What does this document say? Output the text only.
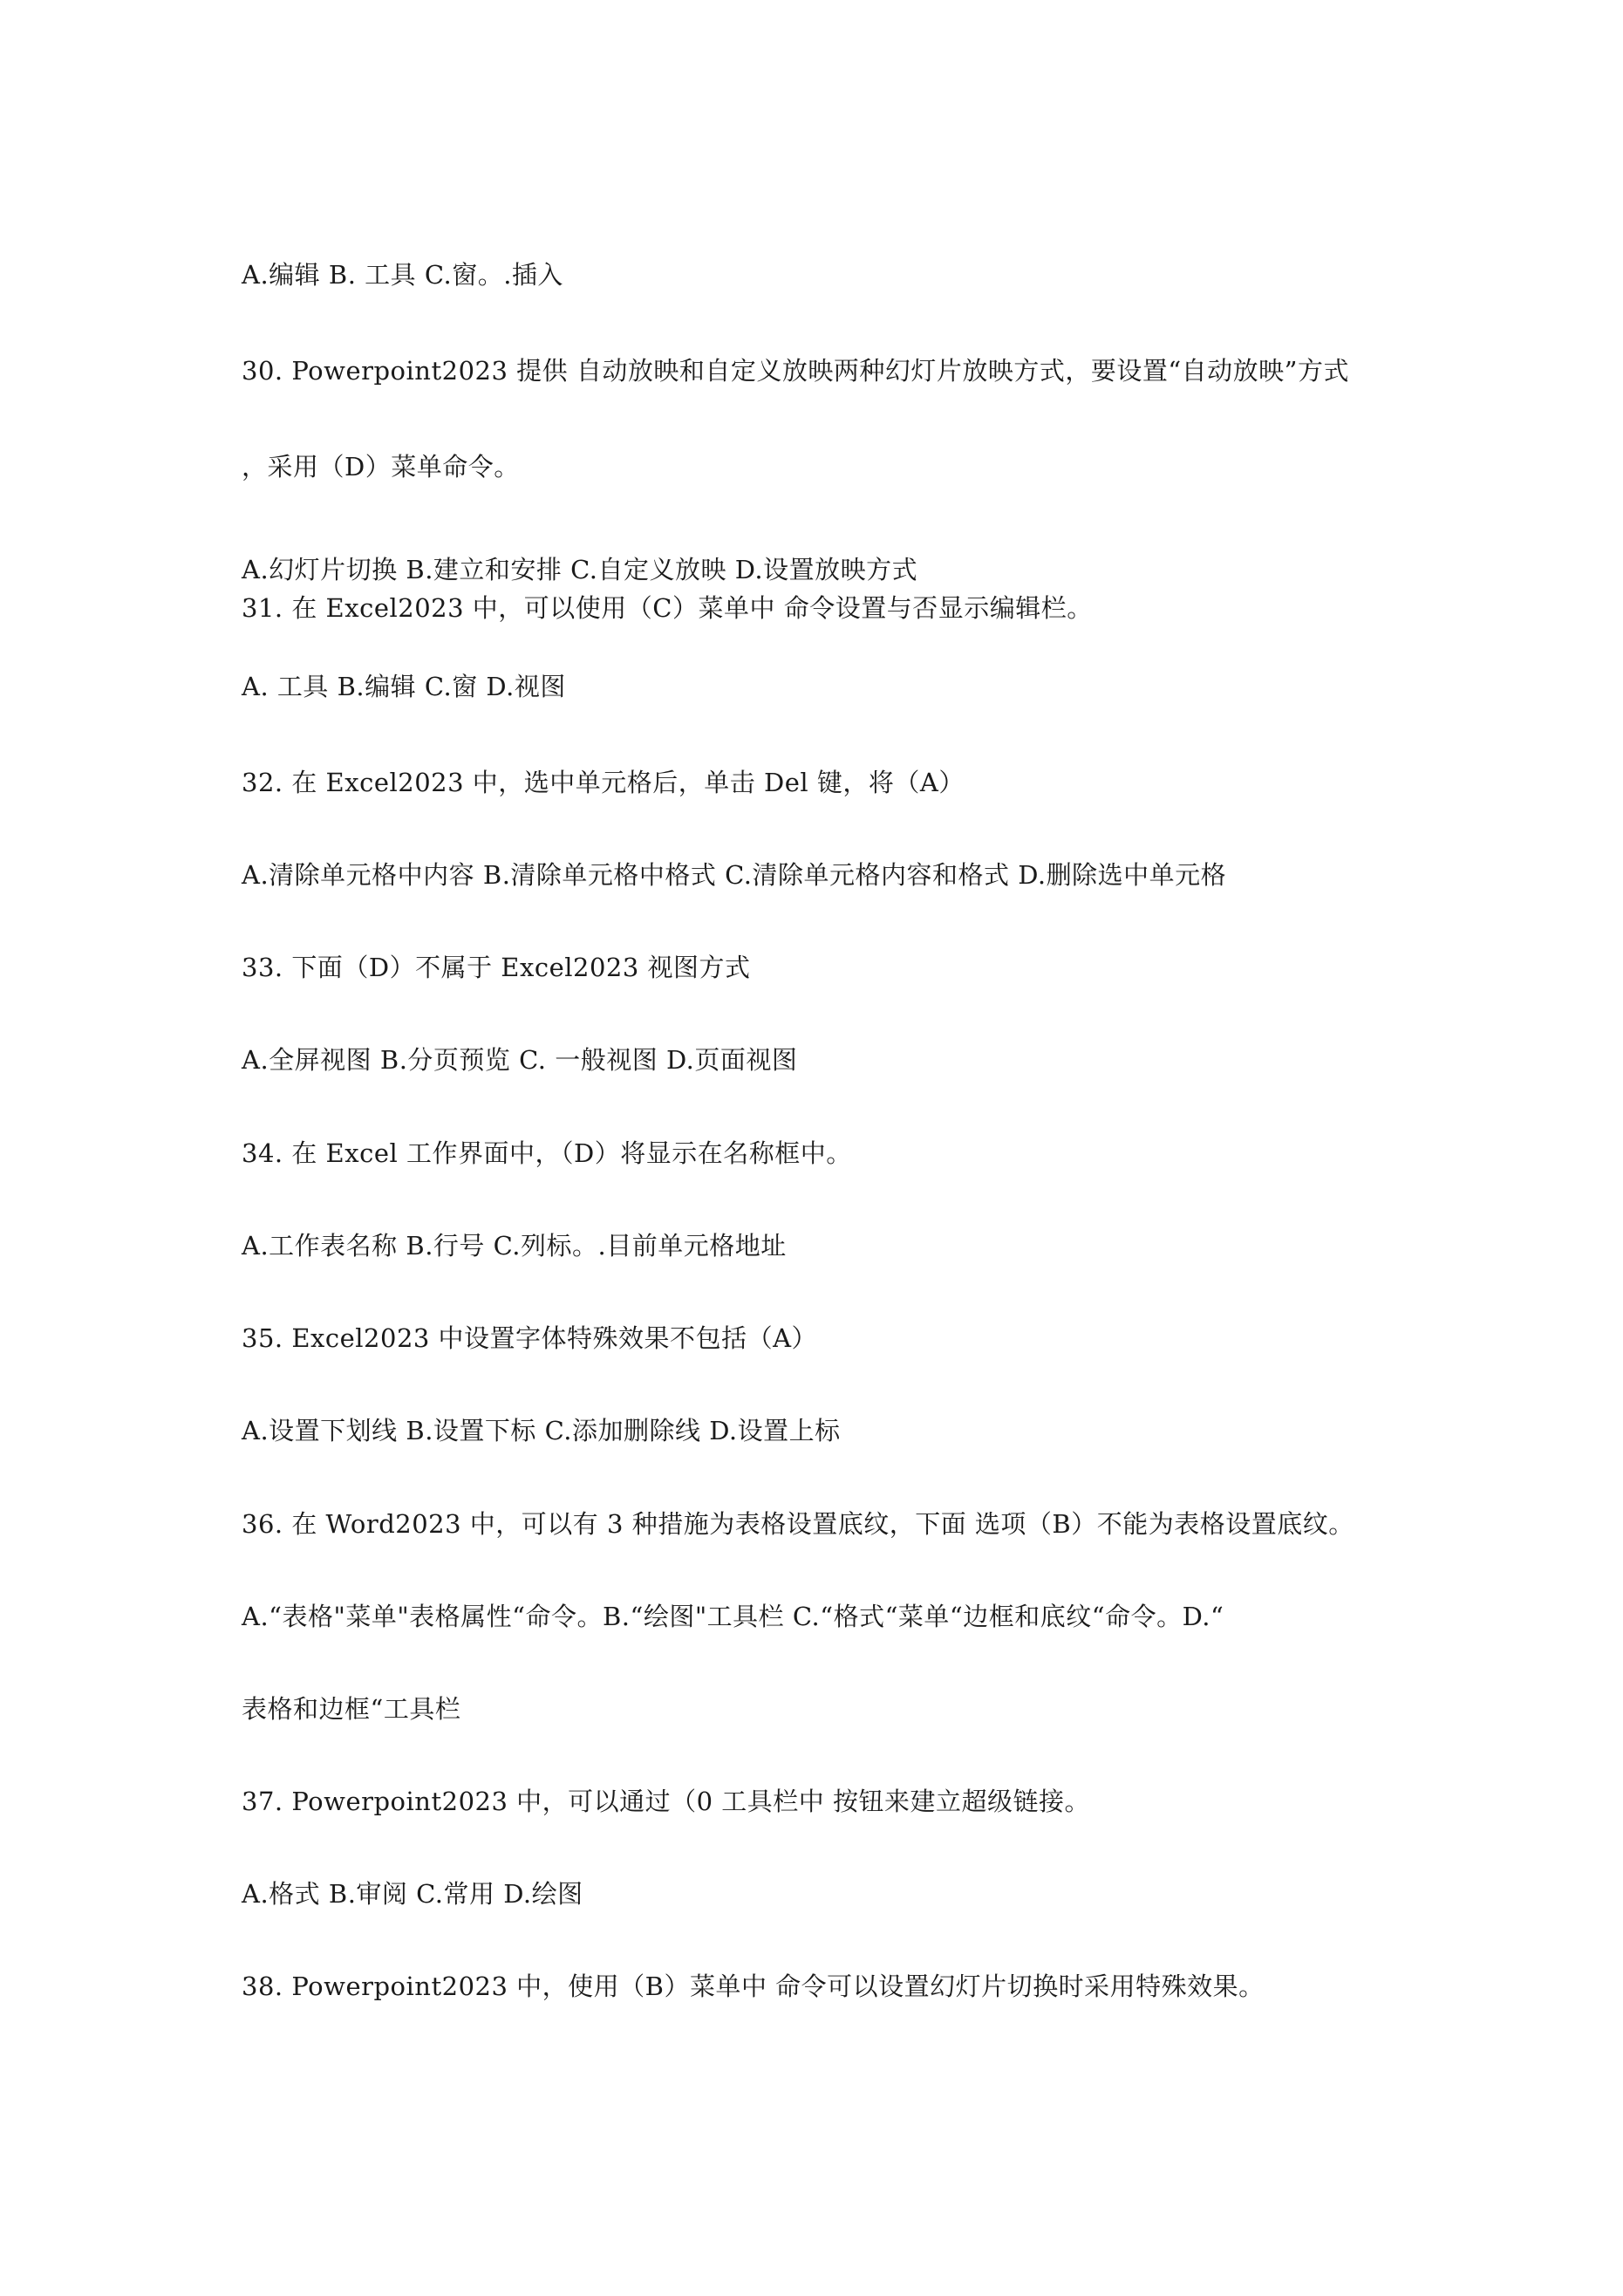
A.编辑 B. 工具 C.窗。.插入
30. Powerpoint2023 提供 自动放映和自定义放映两种幻灯片放映方式，要设置“自动放映”方式
，采用（D）菜单命令。
A.幻灯片切换 B.建立和安排 C.自定义放映 D.设置放映方式
31. 在 Excel2023 中，可以使用（C）菜单中 命令设置与否显示编辑栏。
A. 工具 B.编辑 C.窗 D.视图
32. 在 Excel2023 中，选中单元格后，单击 Del 键，将（A）
A.清除单元格中内容 B.清除单元格中格式 C.清除单元格内容和格式 D.删除选中单元格
33. 下面（D）不属于 Excel2023 视图方式
A.全屏视图 B.分页预览 C. 一般视图 D.页面视图
34. 在 Excel 工作界面中，（D）将显示在名称框中。
A.工作表名称 B.行号 C.列标。.目前单元格地址
35. Excel2023 中设置字体特殊效果不包括（A）
A.设置下划线 B.设置下标 C.添加删除线 D.设置上标
36. 在 Word2023 中，可以有 3 种措施为表格设置底纹，下面 选项（B）不能为表格设置底纹。
A.“表格"菜单"表格属性“命令。B.“绘图"工具栏 C.“格式“菜单“边框和底纹“命令。D.“
表格和边框“工具栏
37. Powerpoint2023 中，可以通过（0 工具栏中 按钮来建立超级链接。
A.格式 B.审阅 C.常用 D.绘图
38. Powerpoint2023 中，使用（B）菜单中 命令可以设置幻灯片切换时采用特殊效果。
